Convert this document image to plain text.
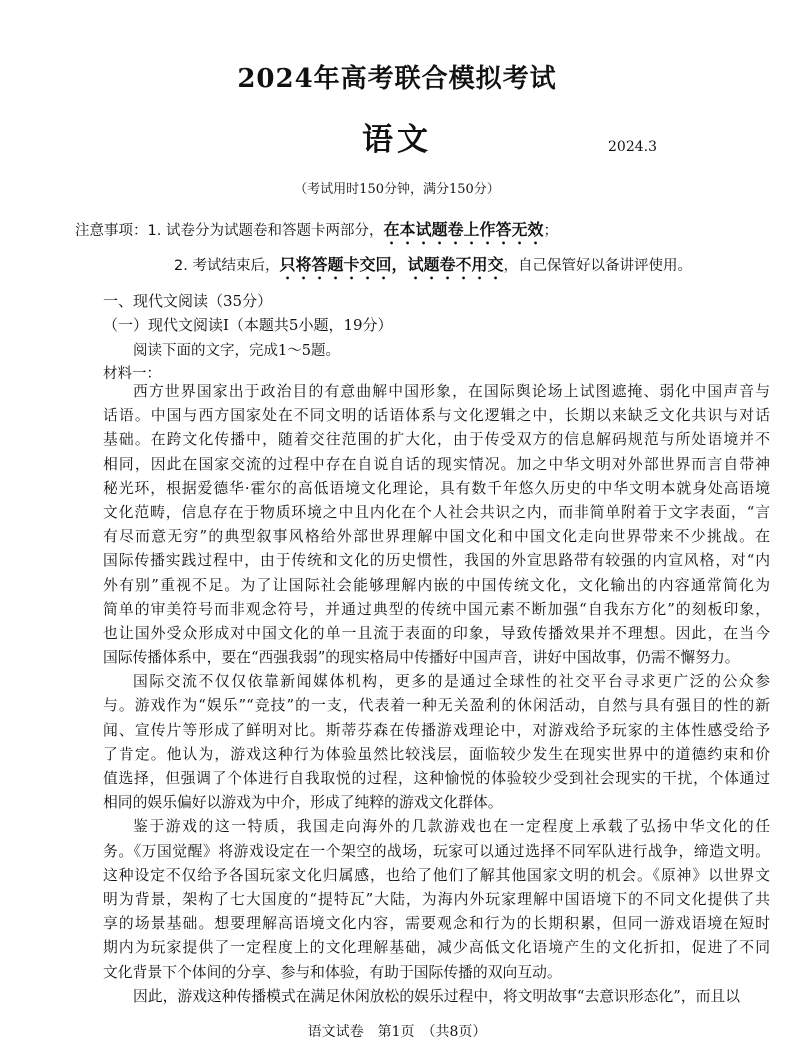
2024年高考联合模拟考试
语文	2024.3
（考试用时150分钟，满分150分）
注意事项：1. 试卷分为试题卷和答题卡两部分，在本试题卷上作答无效；
2. 考试结束后，只将答题卡交回，试题卷不用交，自己保管好以备讲评使用。
一、现代文阅读（35分）
（一）现代文阅读Ⅰ（本题共5小题，19分）
阅读下面的文字，完成1～5题。
材料一：
西方世界国家出于政治目的有意曲解中国形象，在国际舆论场上试图遮掩、弱化中国声音与
话语。中国与西方国家处在不同文明的话语体系与文化逻辑之中，长期以来缺乏文化共识与对话
基础。在跨文化传播中，随着交往范围的扩大化，由于传受双方的信息解码规范与所处语境并不
相同，因此在国家交流的过程中存在自说自话的现实情况。加之中华文明对外部世界而言自带神
秘光环，根据爱德华·霍尔的高低语境文化理论，具有数千年悠久历史的中华文明本就身处高语境
文化范畴，信息存在于物质环境之中且内化在个人社会共识之内，而非简单附着于文字表面，“言
有尽而意无穷”的典型叙事风格给外部世界理解中国文化和中国文化走向世界带来不少挑战。在
国际传播实践过程中，由于传统和文化的历史惯性，我国的外宣思路带有较强的内宣风格，对“内
外有别”重视不足。为了让国际社会能够理解内嵌的中国传统文化，文化输出的内容通常简化为
简单的审美符号而非观念符号，并通过典型的传统中国元素不断加强“自我东方化”的刻板印象，
也让国外受众形成对中国文化的单一且流于表面的印象，导致传播效果并不理想。因此，在当今
国际传播体系中，要在“西强我弱”的现实格局中传播好中国声音，讲好中国故事，仍需不懈努力。
国际交流不仅仅依靠新闻媒体机构，更多的是通过全球性的社交平台寻求更广泛的公众参
与。游戏作为“娱乐”“竞技”的一支，代表着一种无关盈利的休闲活动，自然与具有强目的性的新
闻、宣传片等形成了鲜明对比。斯蒂芬森在传播游戏理论中，对游戏给予玩家的主体性感受给予
了肯定。他认为，游戏这种行为体验虽然比较浅层，面临较少发生在现实世界中的道德约束和价
值选择，但强调了个体进行自我取悦的过程，这种愉悦的体验较少受到社会现实的干扰，个体通过
相同的娱乐偏好以游戏为中介，形成了纯粹的游戏文化群体。
鉴于游戏的这一特质，我国走向海外的几款游戏也在一定程度上承载了弘扬中华文化的任
务。《万国觉醒》将游戏设定在一个架空的战场，玩家可以通过选择不同军队进行战争，缔造文明。
这种设定不仅给予各国玩家文化归属感，也给了他们了解其他国家文明的机会。《原神》以世界文
明为背景，架构了七大国度的“提特瓦”大陆，为海内外玩家理解中国语境下的不同文化提供了共
享的场景基础。想要理解高语境文化内容，需要观念和行为的长期积累，但同一游戏语境在短时
期内为玩家提供了一定程度上的文化理解基础，减少高低文化语境产生的文化折扣，促进了不同
文化背景下个体间的分享、参与和体验，有助于国际传播的双向互动。
因此，游戏这种传播模式在满足休闲放松的娱乐过程中，将文明故事“去意识形态化”，而且以
语文试卷　第1页　（共8页）
